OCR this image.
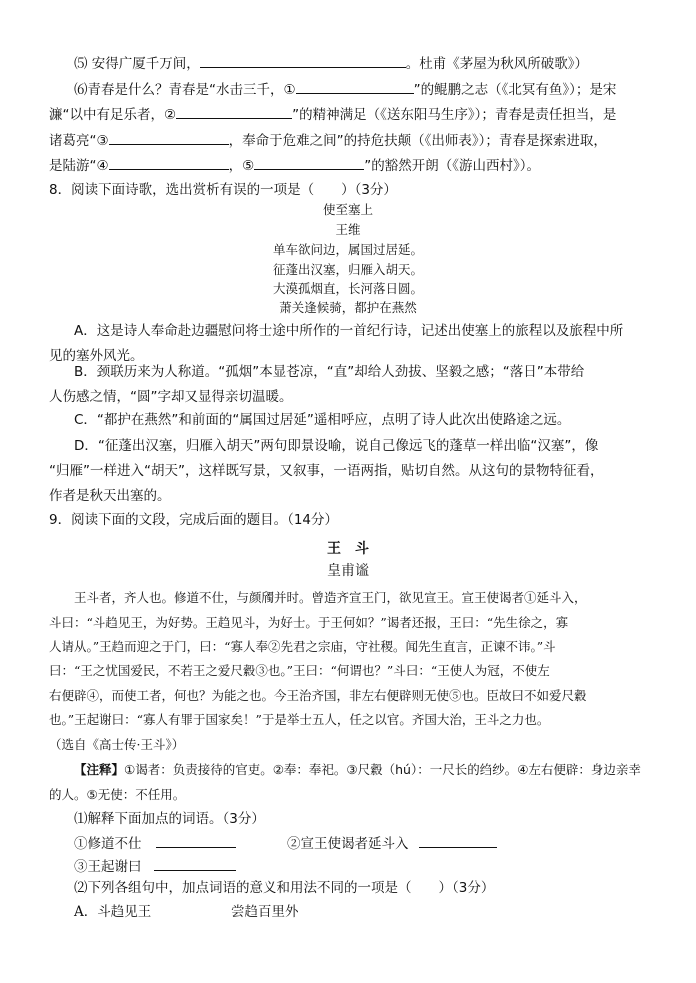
⑸ 安得广厦千万间，	。杜甫《茅屋为秋风所破歌》）
⑹青春是什么？青春是“水击三千，①	”的鲲鹏之志（《北冥有鱼》）；是宋
濂“以中有足乐者，②	”的精神满足（《送东阳马生序》）；青春是责任担当，是
诸葛亮“③	，奉命于危难之间”的持危扶颠（《出师表》）；青春是探索进取，
是陆游“④	，⑤	”的豁然开朗（《游山西村》）。
8．阅读下面诗歌，选出赏析有误的一项是（　　）（3分）
使至塞上
王维
单车欲问边，属国过居延。
征蓬出汉塞，归雁入胡天。
大漠孤烟直，长河落日圆。
萧关逢候骑，都护在燕然
A．这是诗人奉命赴边疆慰问将士途中所作的一首纪行诗，记述出使塞上的旅程以及旅程中所
见的塞外风光。
B．颈联历来为人称道。“孤烟”本显苍凉，“直”却给人劲拔、坚毅之感；“落日”本带给
人伤感之情，“圆”字却又显得亲切温暖。
C．“都护在燕然”和前面的“属国过居延”遥相呼应，点明了诗人此次出使路途之远。
D．“征蓬出汉塞，归雁入胡天”两句即景设喻，说自己像远飞的蓬草一样出临“汉塞”，像
“归雁”一样进入“胡天”，这样既写景，又叙事，一语两指，贴切自然。从这句的景物特征看，
作者是秋天出塞的。
9．阅读下面的文段，完成后面的题目。（14分）
王　斗
皇甫谧
王斗者，齐人也。修道不仕，与颜斶并时。曾造齐宣王门，欲见宣王。宣王使谒者①延斗入，
斗曰：“斗趋见王，为好势。王趋见斗，为好士。于王何如？”谒者还报，王曰：“先生徐之，寡
人请从。”王趋而迎之于门，曰：“寡人奉②先君之宗庙，守社稷。闻先生直言，正谏不讳。”斗
曰：“王之忧国爱民，不若王之爱尺縠③也。”王曰：“何谓也？”斗曰：“王使人为冠，不使左
右便辟④，而使工者，何也？为能之也。今王治齐国，非左右便辟则无使⑤也。臣故曰不如爱尺縠
也。”王起谢曰：“寡人有罪于国家矣！”于是举士五人，任之以官。齐国大治，王斗之力也。
（选自《高士传·王斗》）
【注释】①谒者：负责接待的官吏。②奉：奉祀。③尺縠（hú）：一尺长的绉纱。④左右便辟：身边亲幸
的人。⑤无使：不任用。
⑴解释下面加点的词语。（3分）
①修道不仕	②宣王使谒者延斗入
③王起谢曰
⑵下列各组句中，加点词语的意义和用法不同的一项是（　　）（3分）
A．斗趋见王	尝趋百里外
